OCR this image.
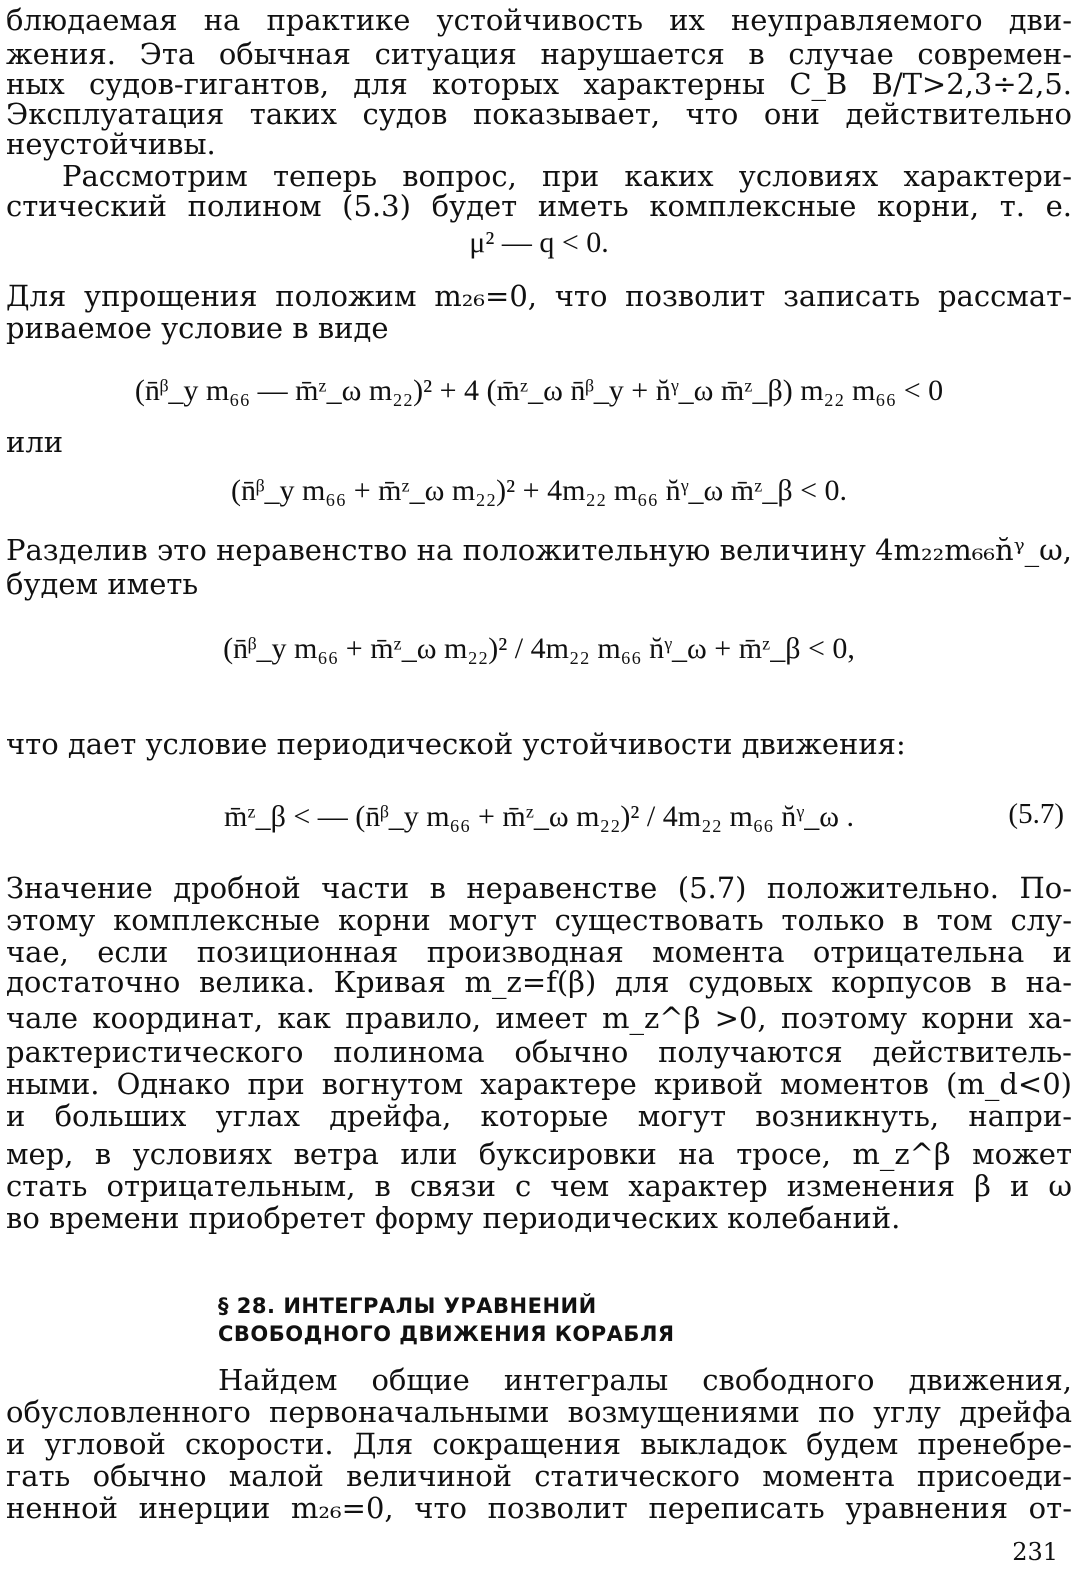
блюдаемая на практике устойчивость их неуправляемого дви-
жения. Эта обычная ситуация нарушается в случае современ-
ных судов-гигантов, для которых характерны C_B B/T>2,3÷2,5.
Эксплуатация таких судов показывает, что они действительно
неустойчивы.
Рассмотрим теперь вопрос, при каких условиях характери-
стический полином (5.3) будет иметь комплексные корни, т. е.
μ² — q < 0.
Для упрощения положим m₂₆=0, что позволит записать рассмат-
риваемое условие в виде
(n̄ᵝ_y m₆₆ — m̄ᶻ_ω m₂₂)² + 4 (m̄ᶻ_ω n̄ᵝ_y + n̆ᵞ_ω m̄ᶻ_β) m₂₂ m₆₆ < 0
или
(n̄ᵝ_y m₆₆ + m̄ᶻ_ω m₂₂)² + 4m₂₂ m₆₆ n̆ᵞ_ω m̄ᶻ_β < 0.
Разделив это неравенство на положительную величину 4m₂₂m₆₆n̆ᵞ_ω,
будем иметь
(n̄ᵝ_y m₆₆ + m̄ᶻ_ω m₂₂)² / 4m₂₂ m₆₆ n̆ᵞ_ω + m̄ᶻ_β < 0,
что дает условие периодической устойчивости движения:
m̄ᶻ_β < — (n̄ᵝ_y m₆₆ + m̄ᶻ_ω m₂₂)² / 4m₂₂ m₆₆ n̆ᵞ_ω .	(5.7)
Значение дробной части в неравенстве (5.7) положительно. По-
этому комплексные корни могут существовать только в том слу-
чае, если позиционная производная момента отрицательна и
достаточно велика. Кривая m_z=f(β) для судовых корпусов в на-
чале координат, как правило, имеет m_z^β >0, поэтому корни ха-
рактеристического полинома обычно получаются действитель-
ными. Однако при вогнутом характере кривой моментов (m_d<0)
и больших углах дрейфа, которые могут возникнуть, напри-
мер, в условиях ветра или буксировки на тросе, m_z^β может
стать отрицательным, в связи с чем характер изменения β и ω
во времени приобретет форму периодических колебаний.
§ 28. ИНТЕГРАЛЫ УРАВНЕНИЙ
СВОБОДНОГО ДВИЖЕНИЯ КОРАБЛЯ
Найдем общие интегралы свободного движения,
обусловленного первоначальными возмущениями по углу дрейфа
и угловой скорости. Для сокращения выкладок будем пренебре-
гать обычно малой величиной статического момента присоеди-
ненной инерции m₂₆=0, что позволит переписать уравнения от-
231
